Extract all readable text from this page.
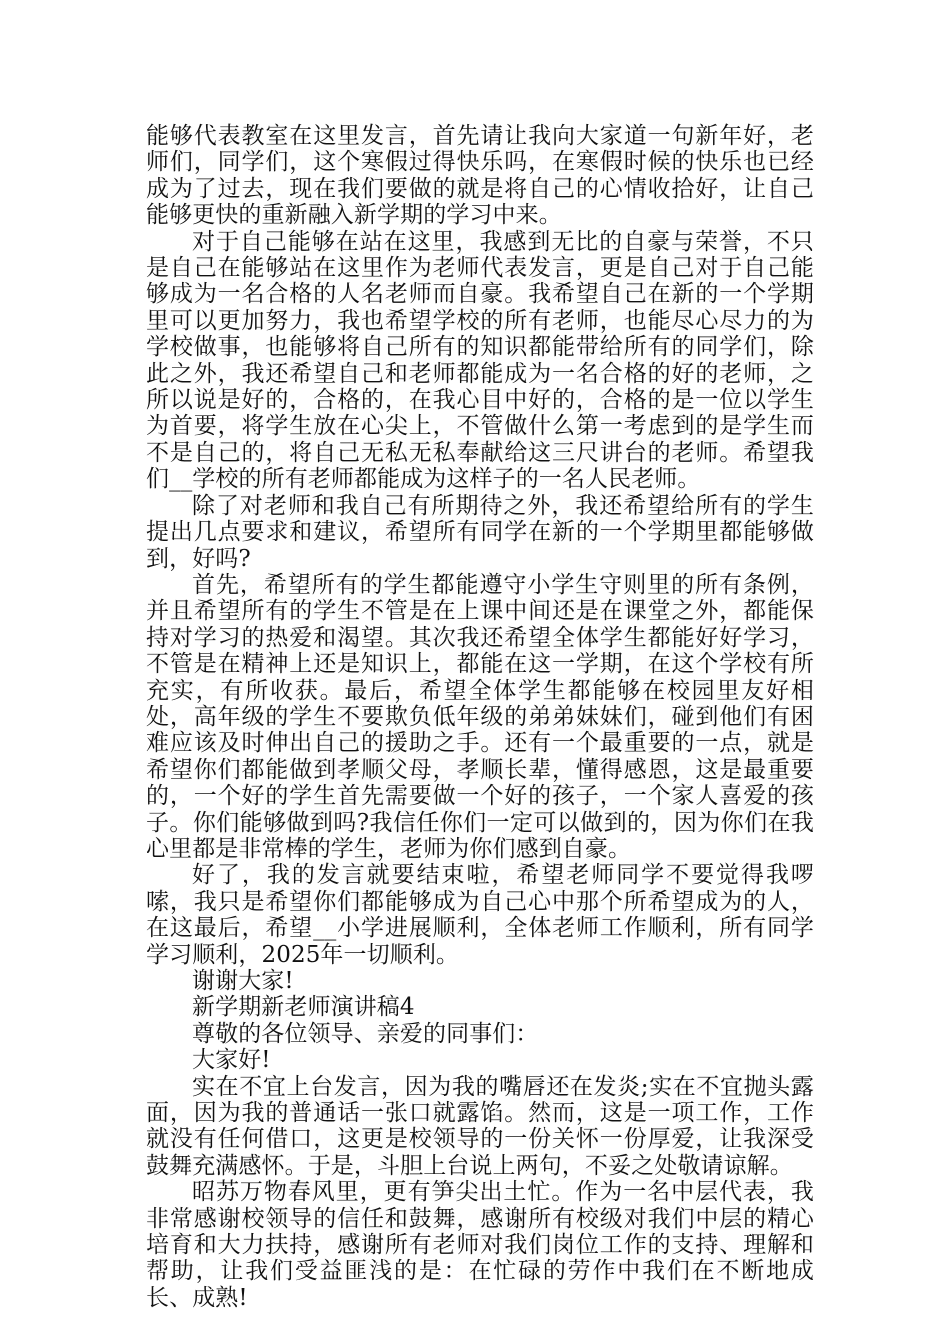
能够代表教室在这里发言，首先请让我向大家道一句新年好，老师们，同学们，这个寒假过得快乐吗，在寒假时候的快乐也已经成为了过去，现在我们要做的就是将自己的心情收拾好，让自己能够更快的重新融入新学期的学习中来。

对于自己能够在站在这里，我感到无比的自豪与荣誉，不只是自己在能够站在这里作为老师代表发言，更是自己对于自己能够成为一名合格的人名老师而自豪。我希望自己在新的一个学期里可以更加努力，我也希望学校的所有老师，也能尽心尽力的为学校做事，也能够将自己所有的知识都能带给所有的同学们，除此之外，我还希望自己和老师都能成为一名合格的好的老师，之所以说是好的，合格的，在我心目中好的，合格的是一位以学生为首要，将学生放在心尖上，不管做什么第一考虑到的是学生而不是自己的，将自己无私无私奉献给这三尺讲台的老师。希望我们__学校的所有老师都能成为这样子的一名人民老师。

除了对老师和我自己有所期待之外，我还希望给所有的学生提出几点要求和建议，希望所有同学在新的一个学期里都能够做到，好吗?

首先，希望所有的学生都能遵守小学生守则里的所有条例，并且希望所有的学生不管是在上课中间还是在课堂之外，都能保持对学习的热爱和渴望。其次我还希望全体学生都能好好学习，不管是在精神上还是知识上，都能在这一学期，在这个学校有所充实，有所收获。最后，希望全体学生都能够在校园里友好相处，高年级的学生不要欺负低年级的弟弟妹妹们，碰到他们有困难应该及时伸出自己的援助之手。还有一个最重要的一点，就是希望你们都能做到孝顺父母，孝顺长辈，懂得感恩，这是最重要的，一个好的学生首先需要做一个好的孩子，一个家人喜爱的孩子。你们能够做到吗?我信任你们一定可以做到的，因为你们在我心里都是非常棒的学生，老师为你们感到自豪。

好了，我的发言就要结束啦，希望老师同学不要觉得我啰嗦，我只是希望你们都能够成为自己心中那个所希望成为的人，在这最后，希望__小学进展顺利，全体老师工作顺利，所有同学学习顺利，2025年一切顺利。

谢谢大家!

新学期新老师演讲稿4

尊敬的各位领导、亲爱的同事们：

大家好!

实在不宜上台发言，因为我的嘴唇还在发炎;实在不宜抛头露面，因为我的普通话一张口就露馅。然而，这是一项工作，工作就没有任何借口，这更是校领导的一份关怀一份厚爱，让我深受鼓舞充满感怀。于是，斗胆上台说上两句，不妥之处敬请谅解。

昭苏万物春风里，更有笋尖出土忙。作为一名中层代表，我非常感谢校领导的信任和鼓舞，感谢所有校级对我们中层的精心培育和大力扶持，感谢所有老师对我们岗位工作的支持、理解和帮助，让我们受益匪浅的是：在忙碌的劳作中我们在不断地成长、成熟!
